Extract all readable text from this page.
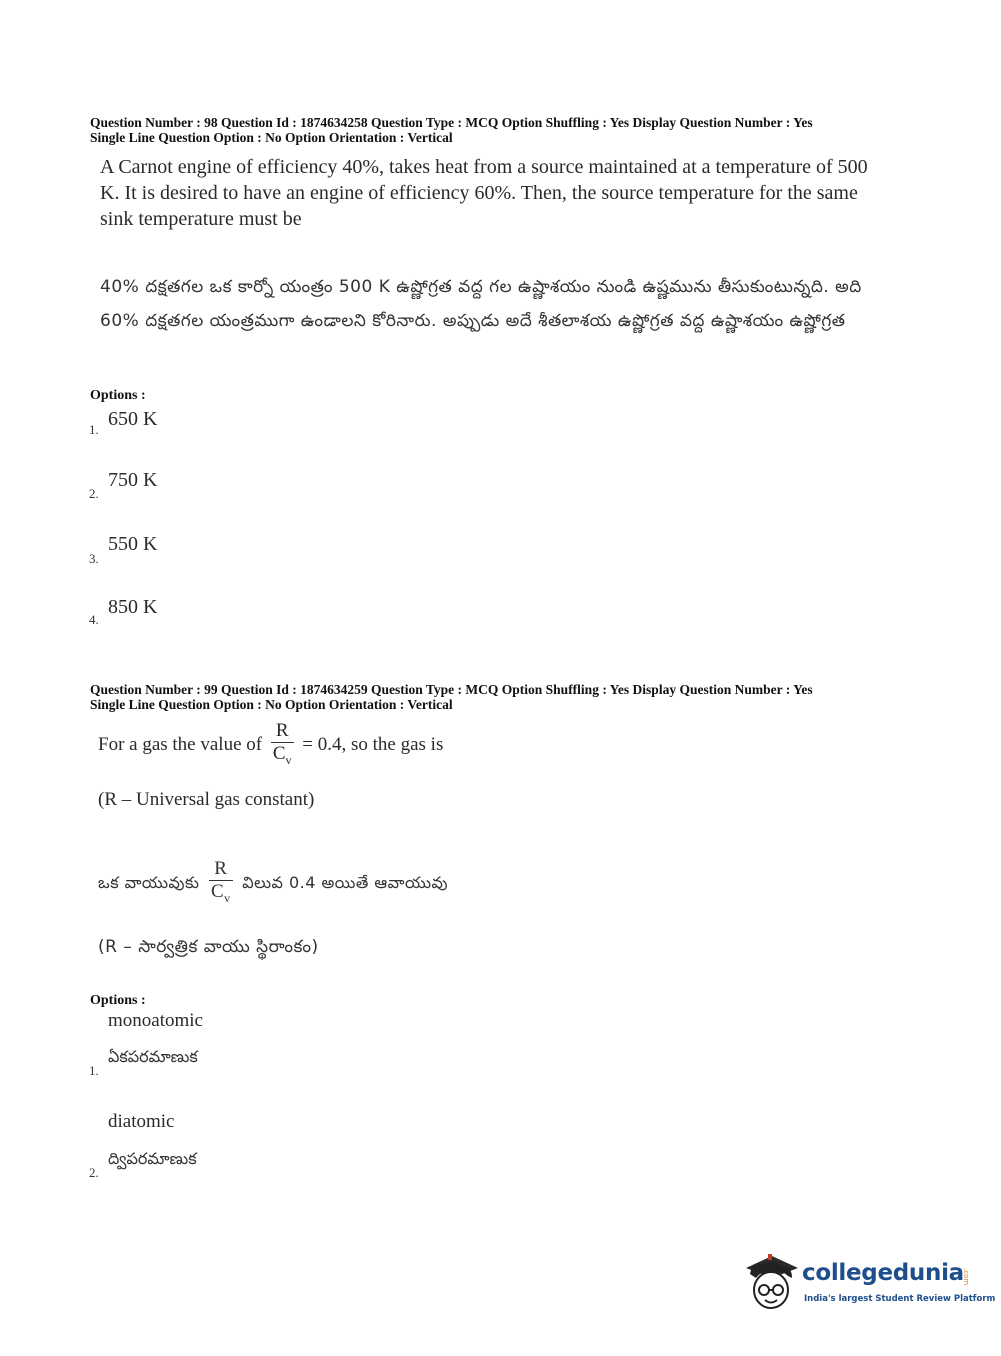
Question Number : 98 Question Id : 1874634258 Question Type : MCQ Option Shuffling : Yes Display Question Number : Yes
Single Line Question Option : No Option Orientation : Vertical
A Carnot engine of efficiency 40%, takes heat from a source maintained at a temperature of 500 K. It is desired to have an engine of efficiency 60%. Then, the source temperature for the same sink temperature must be
40% దక్షతగల ఒక కార్నో యంత్రం 500 K ఉష్ణోగ్రత వద్ద గల ఉష్ణాశయం నుండి ఉష్ణమును తీసుకుంటున్నది. అది 60% దక్షతగల యంత్రముగా ఉండాలని కోరినారు. అప్పుడు అదే శీతలాశయ ఉష్ణోగ్రత వద్ద ఉష్ణాశయం ఉష్ణోగ్రత
Options :
1. 650 K
2.
750 K
3.
550 K
4.
850 K
Question Number : 99 Question Id : 1874634259 Question Type : MCQ Option Shuffling : Yes Display Question Number : Yes
Single Line Question Option : No Option Orientation : Vertical
For a gas the value of $\frac{R}{C_v} = 0.4$, so the gas is
(R – Universal gas constant)
ఒక వాయువుకు $\frac{R}{C_v}$ విలువ 0.4 అయితే ఆవాయువు
(R – సార్వత్రిక వాయు స్థిరాంకం)
Options :
monoatomic
ఏకపరమాణుక
1.
diatomic
ద్విపరమాణుక
2.
collegedunia
.com
India's largest Student Review Platform
